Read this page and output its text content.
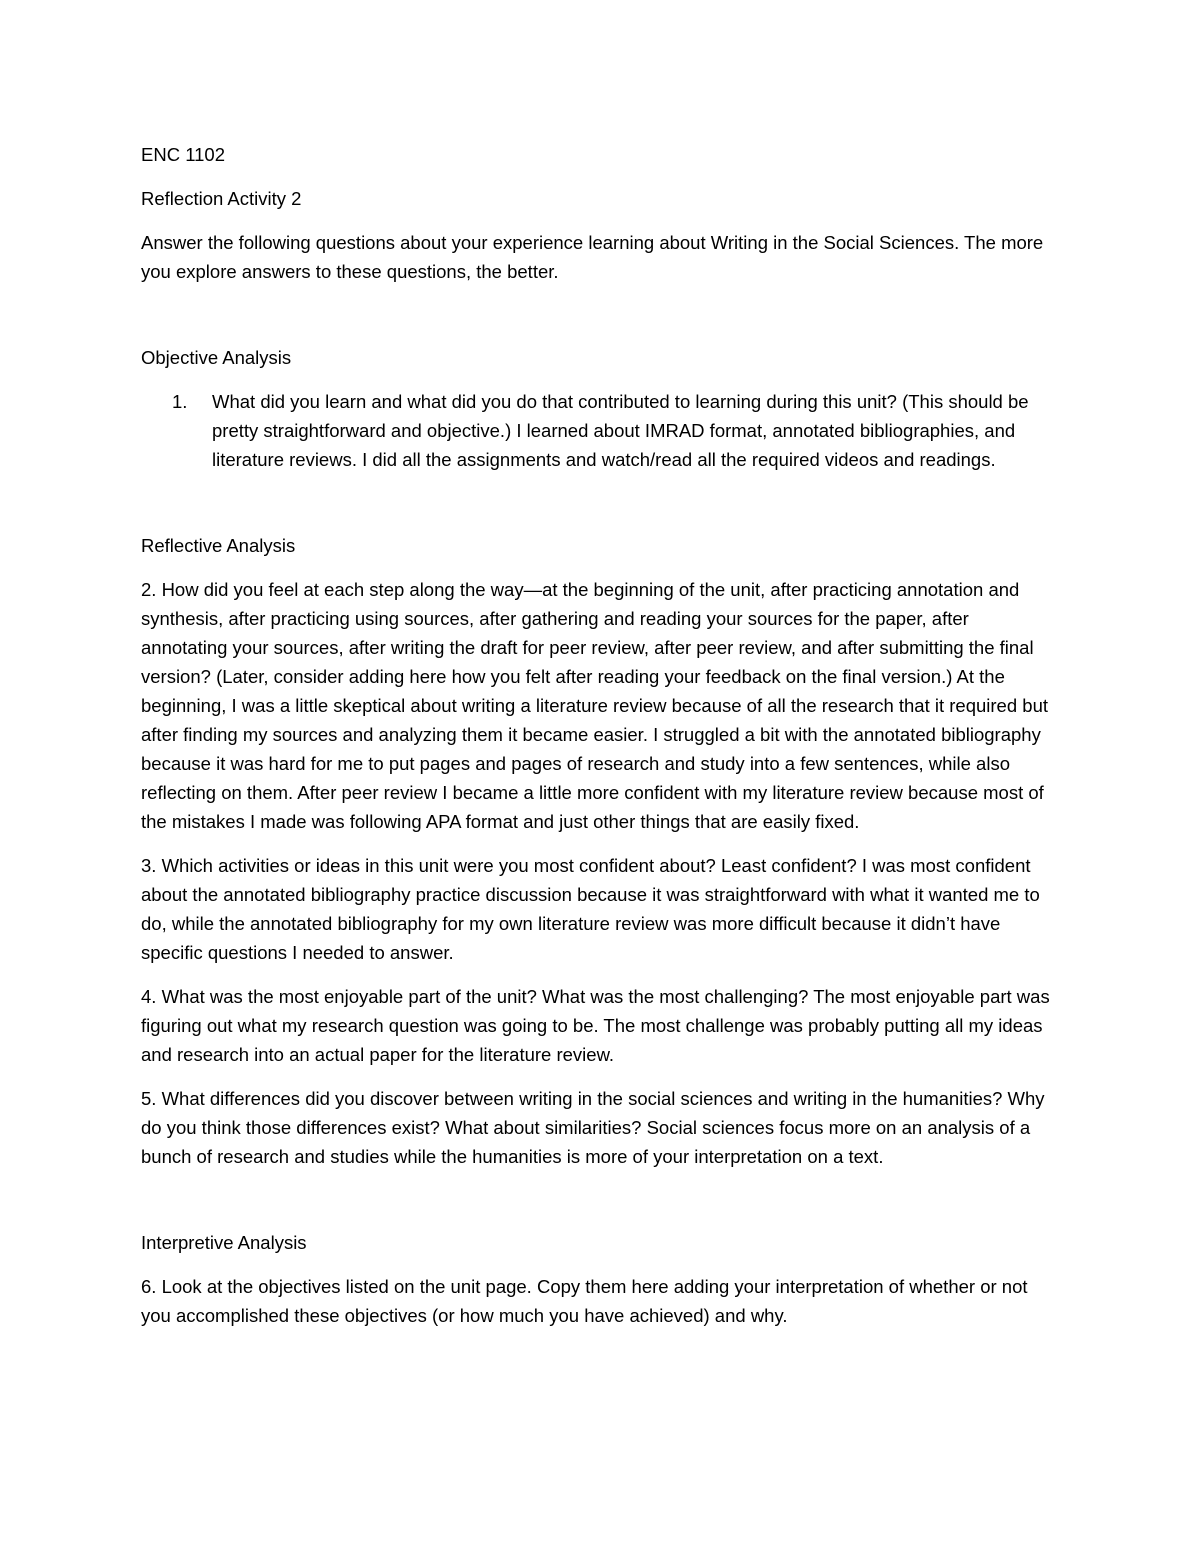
ENC 1102

Reflection Activity 2

Answer the following questions about your experience learning about Writing in the Social Sciences. The more you explore answers to these questions, the better.

Objective Analysis

1.	What did you learn and what did you do that contributed to learning during this unit? (This should be pretty straightforward and objective.) I learned about IMRAD format, annotated bibliographies, and literature reviews. I did all the assignments and watch/read all the required videos and readings.

Reflective Analysis

2. How did you feel at each step along the way—at the beginning of the unit, after practicing annotation and synthesis, after practicing using sources, after gathering and reading your sources for the paper, after annotating your sources, after writing the draft for peer review, after peer review, and after submitting the final version? (Later, consider adding here how you felt after reading your feedback on the final version.) At the beginning, I was a little skeptical about writing a literature review because of all the research that it required but after finding my sources and analyzing them it became easier. I struggled a bit with the annotated bibliography because it was hard for me to put pages and pages of research and study into a few sentences, while also reflecting on them. After peer review I became a little more confident with my literature review because most of the mistakes I made was following APA format and just other things that are easily fixed.

3. Which activities or ideas in this unit were you most confident about? Least confident? I was most confident about the annotated bibliography practice discussion because it was straightforward with what it wanted me to do, while the annotated bibliography for my own literature review was more difficult because it didn’t have specific questions I needed to answer.

4. What was the most enjoyable part of the unit? What was the most challenging? The most enjoyable part was figuring out what my research question was going to be. The most challenge was probably putting all my ideas and research into an actual paper for the literature review.

5. What differences did you discover between writing in the social sciences and writing in the humanities? Why do you think those differences exist? What about similarities? Social sciences focus more on an analysis of a bunch of research and studies while the humanities is more of your interpretation on a text.

Interpretive Analysis

6. Look at the objectives listed on the unit page. Copy them here adding your interpretation of whether or not you accomplished these objectives (or how much you have achieved) and why.
